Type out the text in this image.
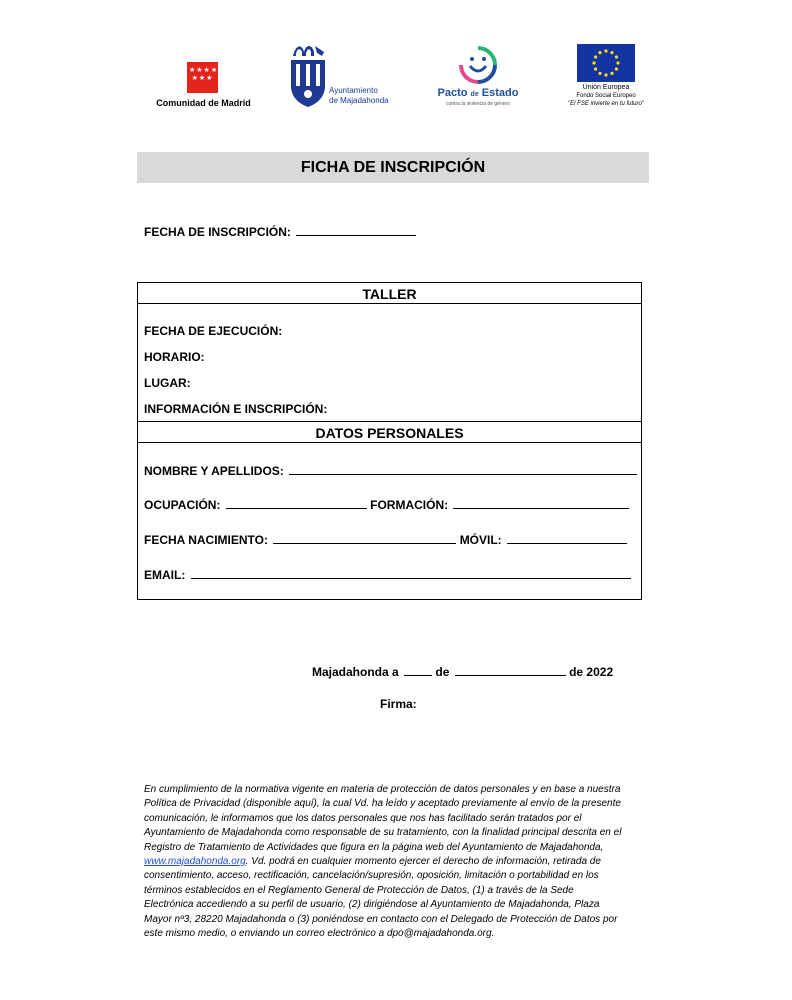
★★★★
★★★
Comunidad de Madrid
Ayuntamiento
de Majadahonda
Pacto de Estado
contra la violencia de género
Unión Europea
Fondo Social Europeo
"El FSE invierte en tu futuro"
FICHA DE INSCRIPCIÓN
FECHA DE INSCRIPCIÓN:
TALLER
FECHA DE EJECUCIÓN:
HORARIO:
LUGAR:
INFORMACIÓN E INSCRIPCIÓN:
DATOS PERSONALES
NOMBRE Y APELLIDOS:
OCUPACIÓN:	FORMACIÓN:
FECHA NACIMIENTO:	MÓVIL:
EMAIL:
Majadahonda a	de	de 2022
Firma:
En cumplimiento de la normativa vigente en materia de protección de datos personales y en base a nuestra Política de Privacidad (disponible aquí), la cual Vd. ha leído y aceptado previamente al envío de la presente comunicación, le informamos que los datos personales que nos has facilitado serán tratados por el Ayuntamiento de Majadahonda como responsable de su tratamiento, con la finalidad principal descrita en el Registro de Tratamiento de Actividades que figura en la página web del Ayuntamiento de Majadahonda, www.majadahonda.org. Vd. podrá en cualquier momento ejercer el derecho de información, retirada de consentimiento, acceso, rectificación, cancelación/supresión, oposición, limitación o portabilidad en los términos establecidos en el Reglamento General de Protección de Datos, (1) a través de la Sede Electrónica accediendo a su perfil de usuario, (2) dirigiéndose al Ayuntamiento de Majadahonda, Plaza Mayor nº3, 28220 Majadahonda o (3) poniéndose en contacto con el Delegado de Protección de Datos por este mismo medio, o enviando un correo electrónico a dpo@majadahonda.org.
